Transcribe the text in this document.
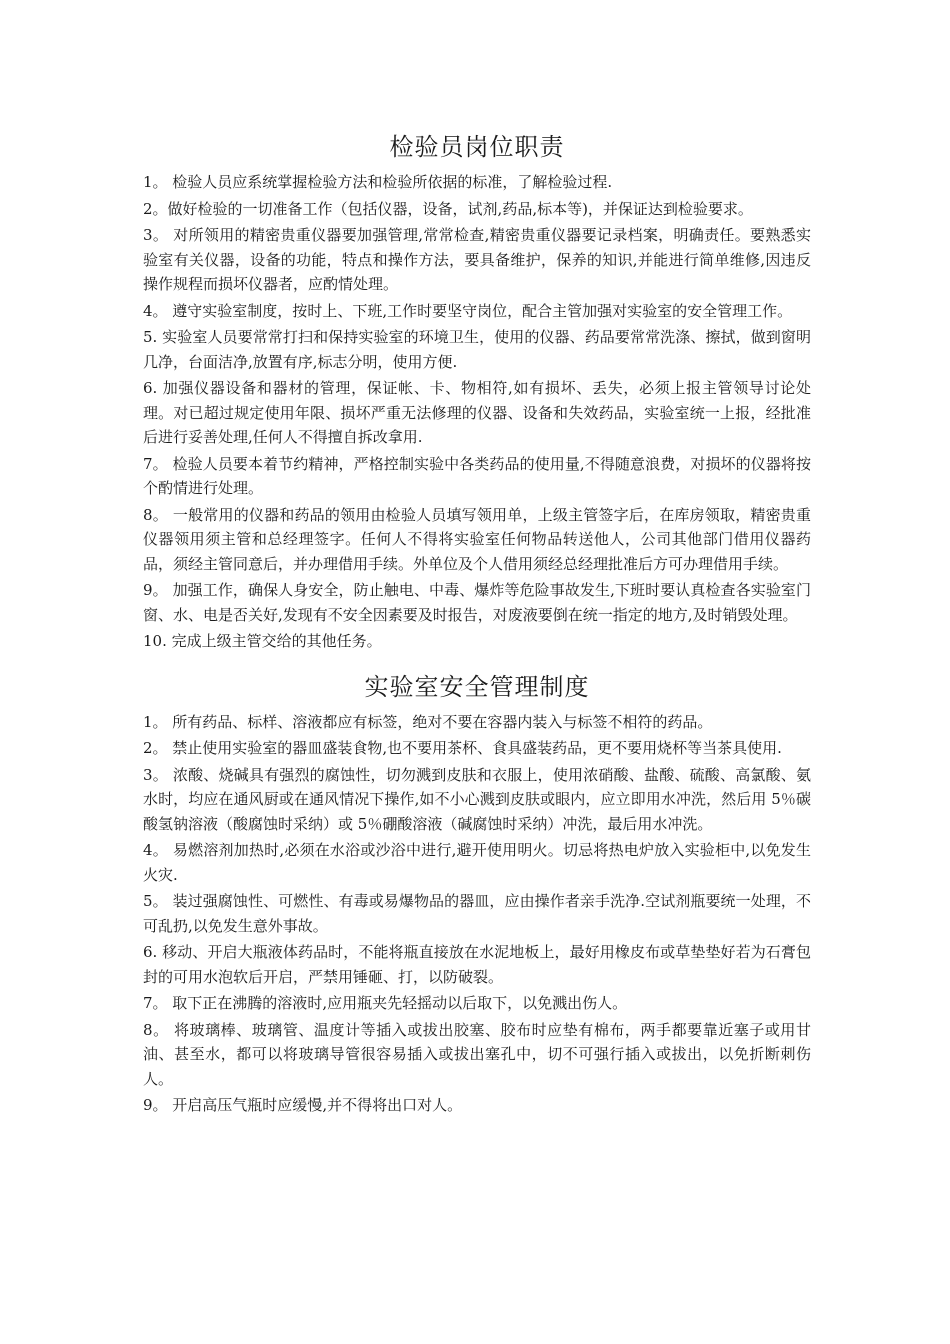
检验员岗位职责

1。 检验人员应系统掌握检验方法和检验所依据的标准，了解检验过程.

2。做好检验的一切准备工作（包括仪器，设备，试剂,药品,标本等)，并保证达到检验要求。

3。 对所领用的精密贵重仪器要加强管理,常常检查,精密贵重仪器要记录档案，明确责任。要熟悉实验室有关仪器，设备的功能，特点和操作方法，要具备维护，保养的知识,并能进行简单维修,因违反操作规程而损坏仪器者，应酌情处理。

4。 遵守实验室制度，按时上、下班,工作时要坚守岗位，配合主管加强对实验室的安全管理工作。

5. 实验室人员要常常打扫和保持实验室的环境卫生，使用的仪器、药品要常常洗涤、擦拭，做到窗明几净，台面洁净,放置有序,标志分明，使用方便.

6. 加强仪器设备和器材的管理，保证帐、卡、物相符,如有损坏、丢失，必须上报主管领导讨论处理。对已超过规定使用年限、损坏严重无法修理的仪器、设备和失效药品，实验室统一上报，经批准后进行妥善处理,任何人不得擅自拆改拿用.

7。 检验人员要本着节约精神，严格控制实验中各类药品的使用量,不得随意浪费，对损坏的仪器将按个酌情进行处理。

8。 一般常用的仪器和药品的领用由检验人员填写领用单，上级主管签字后，在库房领取，精密贵重仪器领用须主管和总经理签字。任何人不得将实验室任何物品转送他人，公司其他部门借用仪器药品，须经主管同意后，并办理借用手续。外单位及个人借用须经总经理批准后方可办理借用手续。

9。 加强工作，确保人身安全，防止触电、中毒、爆炸等危险事故发生,下班时要认真检查各实验室门窗、水、电是否关好,发现有不安全因素要及时报告，对废液要倒在统一指定的地方,及时销毁处理。

10. 完成上级主管交给的其他任务。

实验室安全管理制度

1。 所有药品、标样、溶液都应有标签，绝对不要在容器内装入与标签不相符的药品。

2。 禁止使用实验室的器皿盛装食物,也不要用茶杯、食具盛装药品，更不要用烧杯等当茶具使用.

3。 浓酸、烧碱具有强烈的腐蚀性，切勿溅到皮肤和衣服上，使用浓硝酸、盐酸、硫酸、高氯酸、氨水时，均应在通风厨或在通风情况下操作,如不小心溅到皮肤或眼内，应立即用水冲洗，然后用 5％碳酸氢钠溶液（酸腐蚀时采纳）或 5％硼酸溶液（碱腐蚀时采纳）冲洗，最后用水冲洗。

4。 易燃溶剂加热时,必须在水浴或沙浴中进行,避开使用明火。切忌将热电炉放入实验柜中,以免发生火灾.

5。 装过强腐蚀性、可燃性、有毒或易爆物品的器皿，应由操作者亲手洗净.空试剂瓶要统一处理，不可乱扔,以免发生意外事故。

6. 移动、开启大瓶液体药品时，不能将瓶直接放在水泥地板上，最好用橡皮布或草垫垫好若为石膏包封的可用水泡软后开启，严禁用锤砸、打，以防破裂。

7。 取下正在沸腾的溶液时,应用瓶夹先轻摇动以后取下，以免溅出伤人。

8。 将玻璃棒、玻璃管、温度计等插入或拔出胶塞、胶布时应垫有棉布，两手都要靠近塞子或用甘油、甚至水，都可以将玻璃导管很容易插入或拔出塞孔中，切不可强行插入或拔出，以免折断刺伤人。

9。 开启高压气瓶时应缓慢,并不得将出口对人。
